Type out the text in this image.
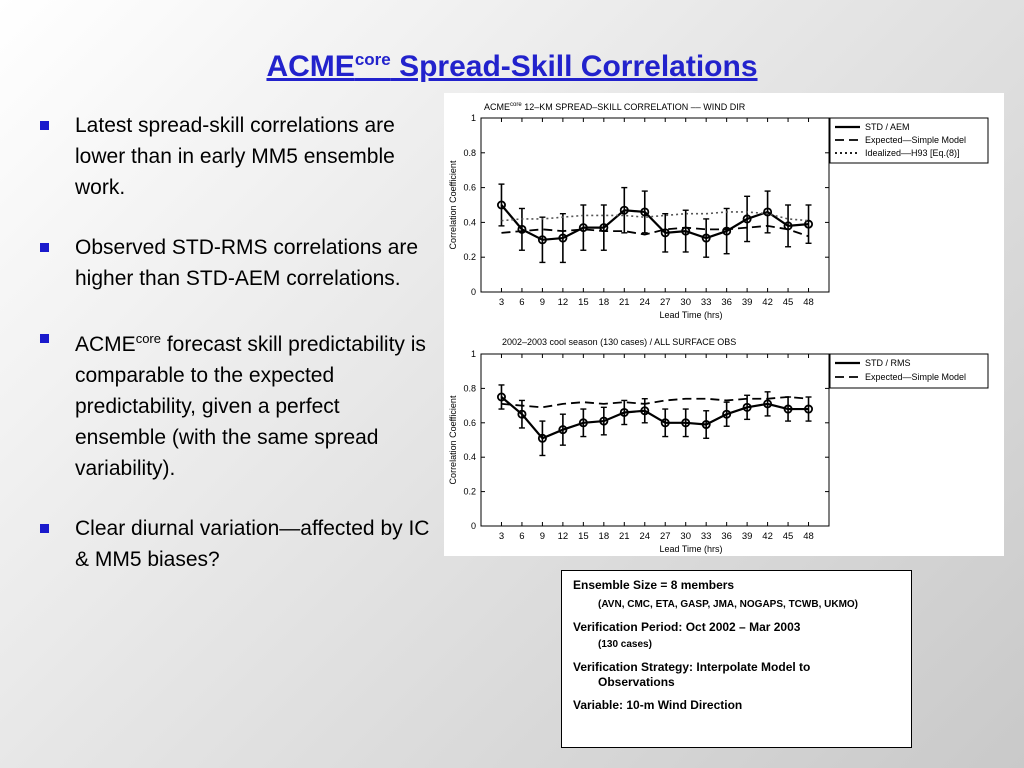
$ACME^{core}$ Spread-Skill Correlations
Latest spread-skill correlations are lower than in early MM5 ensemble work.
Observed STD-RMS correlations are higher than STD-AEM correlations.
$ACME^{core}$ forecast skill predictability is comparable to the expected predictability, given a perfect ensemble (with the same spread variability).
Clear diurnal variation—affected by IC & MM5 biases?
$ACME^{core}$ 12–KM SPREAD–SKILL CORRELATION –– WIND DIR
0
0.2
0.4
0.6
0.8
1
3 6 9 12 15 18 21 24 27 30 33 36 39 42 45 48
Lead Time (hrs)
Correlation Coefficient
STD / AEM
Expected—Simple Model
Idealized––H93 [Eq.(8)]
2002–2003 cool season (130 cases) / ALL SURFACE OBS
0
0.2
0.4
0.6
0.8
1
3 6 9 12 15 18 21 24 27 30 33 36 39 42 45 48
Lead Time (hrs)
Correlation Coefficient
STD / RMS
Expected—Simple Model
Ensemble Size = 8 members
(AVN, CMC, ETA, GASP, JMA, NOGAPS, TCWB, UKMO)
Verification Period: Oct 2002 – Mar 2003
(130 cases)
Verification Strategy: Interpolate Model to
Observations
Variable: 10-m Wind Direction
